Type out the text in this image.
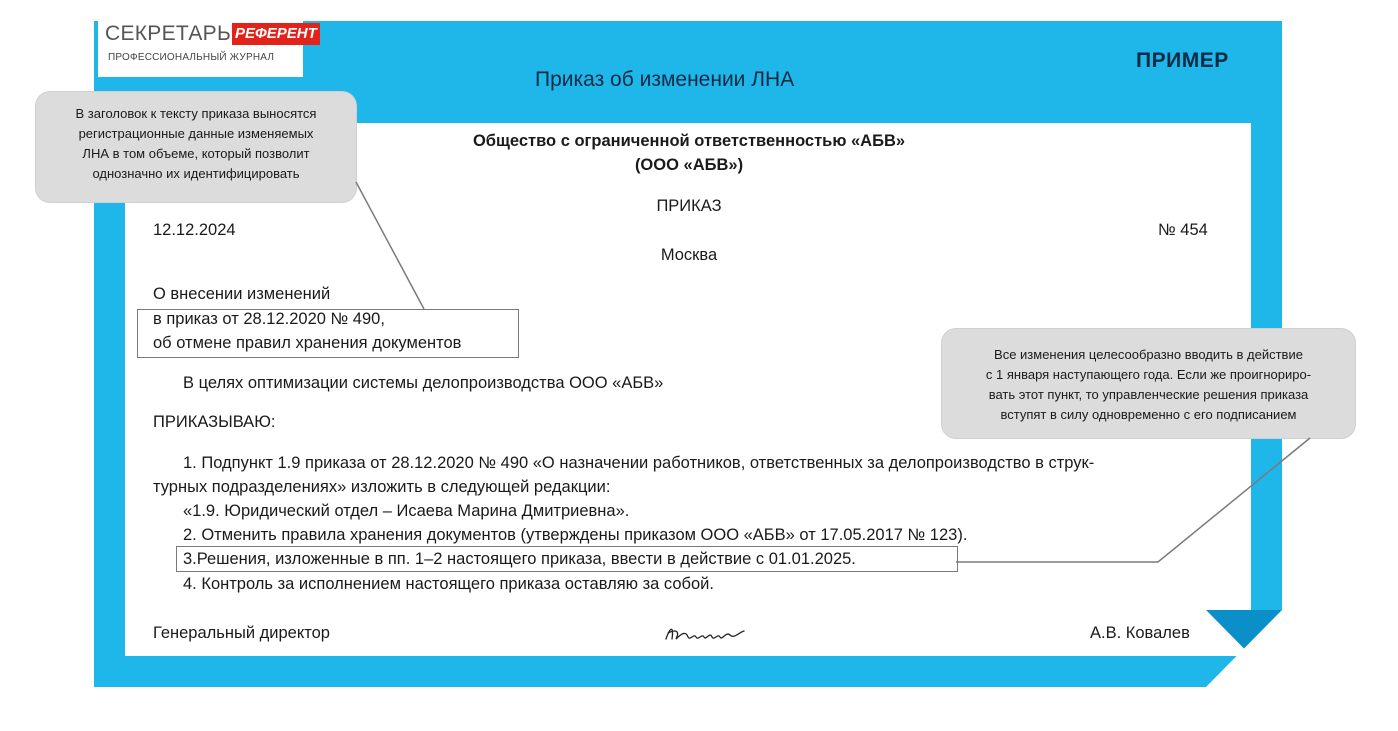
СЕКРЕТАРЬ РЕФЕРЕНТ
ПРОФЕССИОНАЛЬНЫЙ ЖУРНАЛ
Приказ об изменении ЛНА
ПРИМЕР
В заголовок к тексту приказа выносятся
регистрационные данные изменяемых
ЛНА в том объеме, который позволит
однозначно их идентифицировать
Все изменения целесообразно вводить в действие
с 1 января наступающего года. Если же проигнориро-
вать этот пункт, то управленческие решения приказа
вступят в силу одновременно с его подписанием
Общество с ограниченной ответственностью «АБВ»
(ООО «АБВ»)
ПРИКАЗ
12.12.2024	№ 454
Москва
О внесении изменений
в приказ от 28.12.2020 № 490,
об отмене правил хранения документов
В целях оптимизации системы делопроизводства ООО «АБВ»
ПРИКАЗЫВАЮ:
1. Подпункт 1.9 приказа от 28.12.2020 № 490 «О назначении работников, ответственных за делопроизводство в струк-
турных подразделениях» изложить в следующей редакции:
«1.9. Юридический отдел – Исаева Марина Дмитриевна».
2. Отменить правила хранения документов (утверждены приказом ООО «АБВ» от 17.05.2017 № 123).
3.Решения, изложенные в пп. 1–2 настоящего приказа, ввести в действие с 01.01.2025.
4. Контроль за исполнением настоящего приказа оставляю за собой.
Генеральный директор	А.В. Ковалев
